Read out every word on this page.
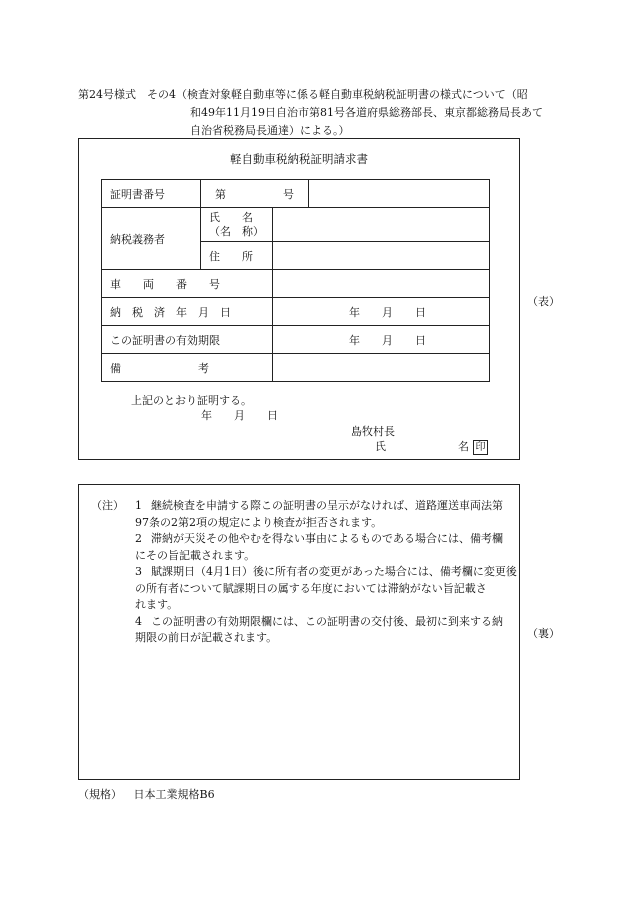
第24号様式　その4（検査対象軽自動車等に係る軽自動車税納税証明書の様式について（昭
和49年11月19日自治市第81号各道府県総務部長、東京都総務局長あて
自治省税務局長通達）による。）
軽自動車税納税証明請求書
証明書番号	第 号		

納税義務者	氏　　名
（名　称）		

	住　　所		
車　　両　　番　　号			
納　税　済　年　月　日		年　　月　　日	
この証明書の有効期限		年　　月　　日	
備　　　　　　　考			
上記のとおり証明する。
年　　月　　日
島牧村長
氏	名 印
（表）
（注）	1 継続検査を申請する際この証明書の呈示がなければ、道路運送車両法第
97条の2第2項の規定により検査が拒否されます。
2 滞納が天災その他やむを得ない事由によるものである場合には、備考欄
にその旨記載されます。
3 賦課期日（4月1日）後に所有者の変更があった場合には、備考欄に変更後
の所有者について賦課期日の属する年度においては滞納がない旨記載さ
れます。
4 この証明書の有効期限欄には、この証明書の交付後、最初に到来する納
期限の前日が記載されます。	（裏）
（規格） 日本工業規格B6
